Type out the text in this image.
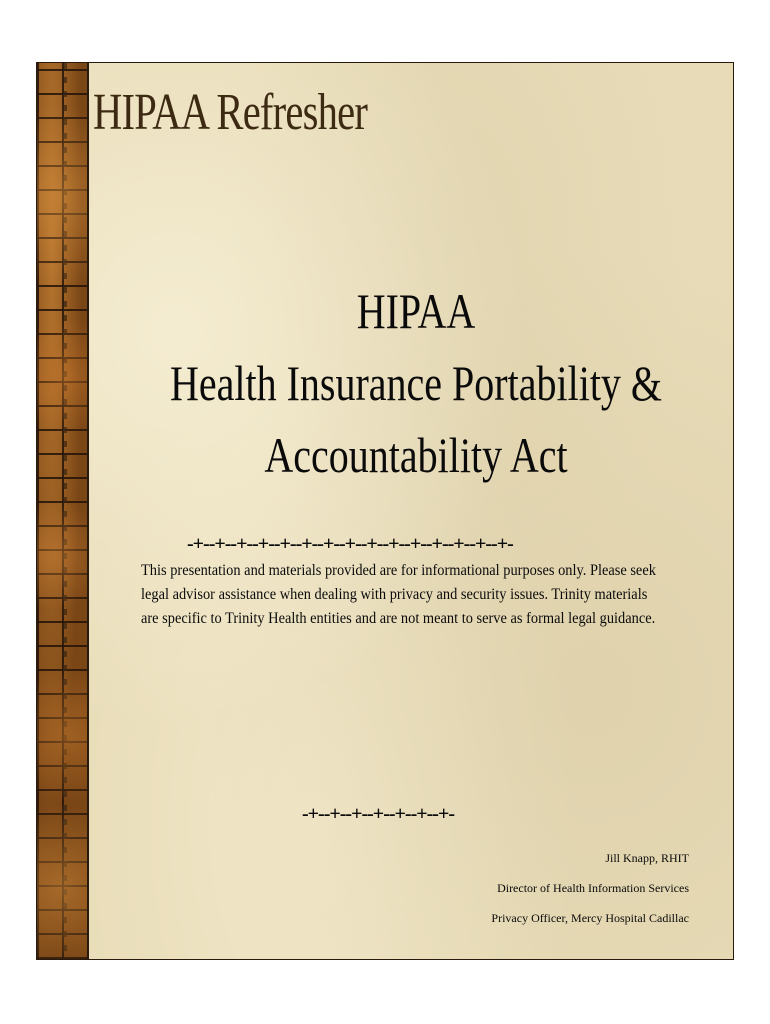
HIPAA Refresher
HIPAA
Health Insurance Portability &
Accountability Act
-+--+--+--+--+--+--+--+--+--+--+--+--+--+--+-

This presentation and materials provided are for informational purposes only. Please seek legal advisor assistance when dealing with privacy and security issues. Trinity materials are specific to Trinity Health entities and are not meant to serve as formal legal guidance.

-+--+--+--+--+--+--+-
Jill Knapp, RHIT
Director of Health Information Services
Privacy Officer, Mercy Hospital Cadillac
